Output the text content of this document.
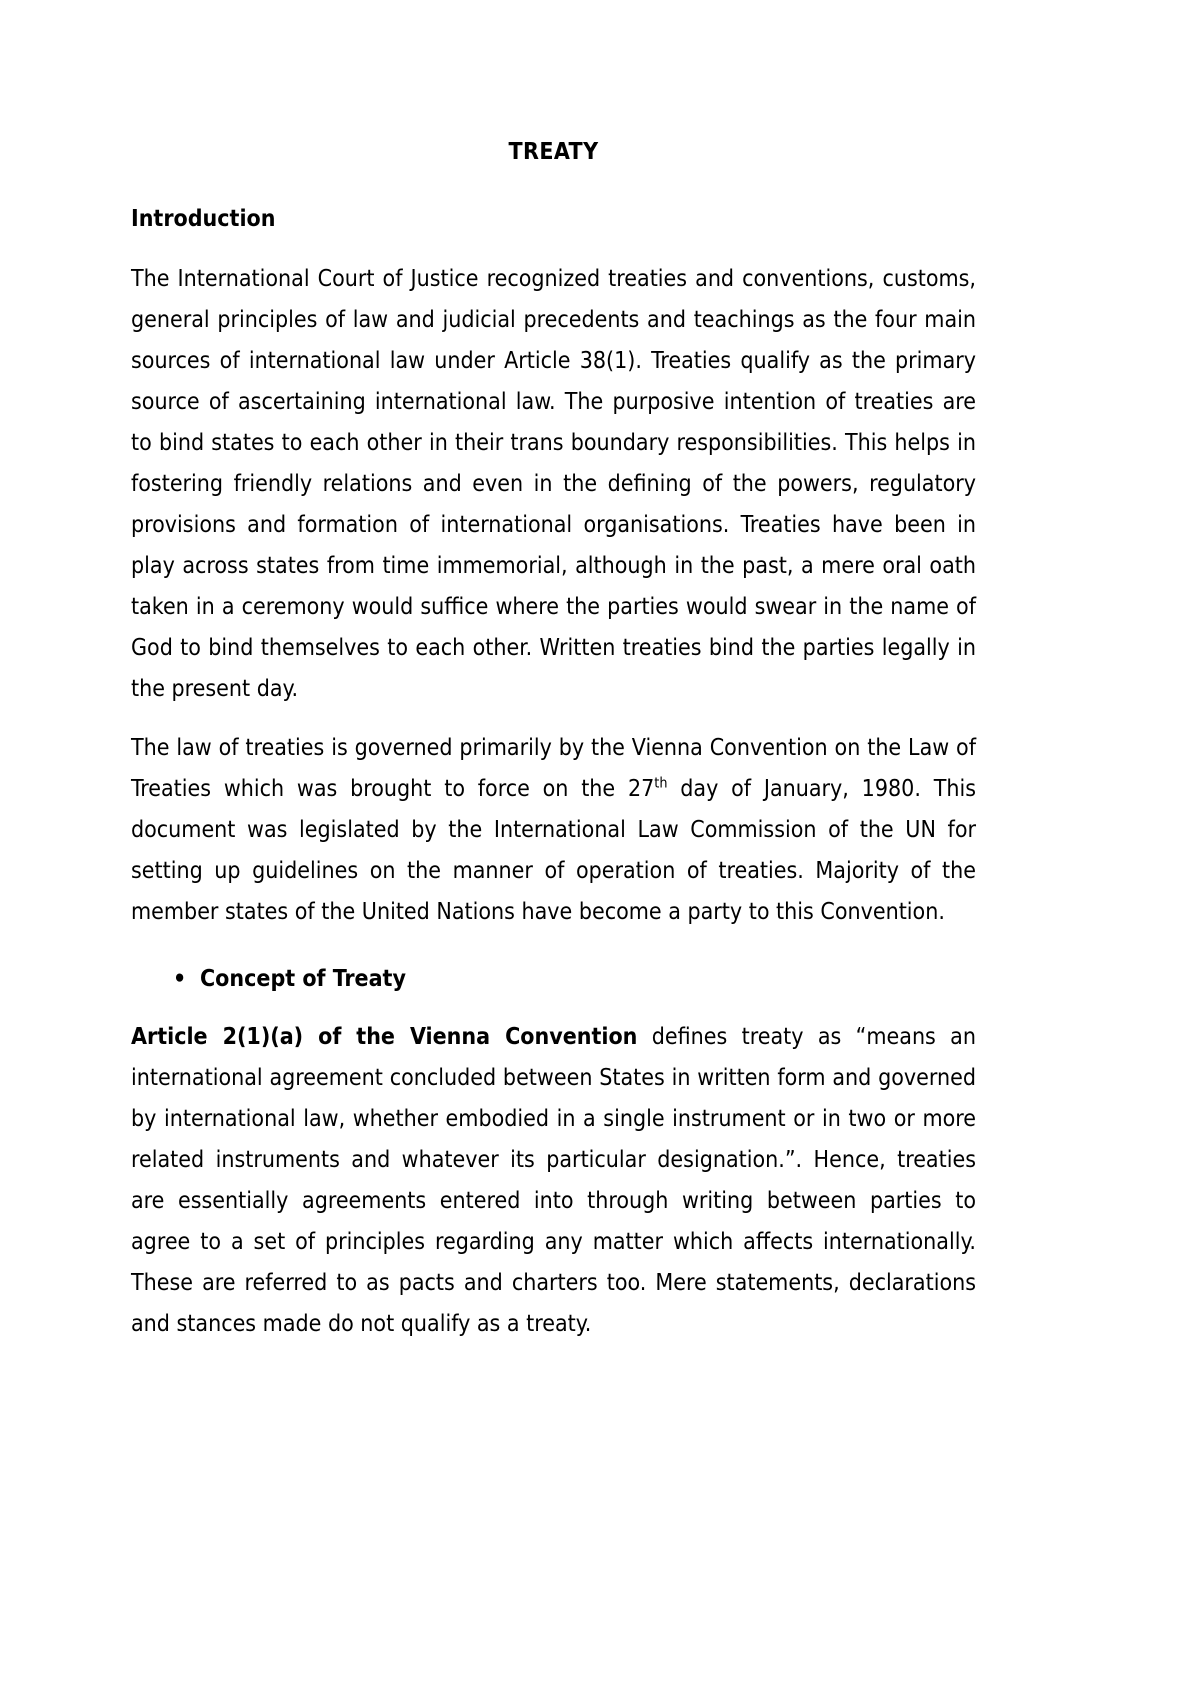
TREATY
Introduction

The International Court of Justice recognized treaties and conventions, customs, general principles of law and judicial precedents and teachings as the four main sources of international law under Article 38(1). Treaties qualify as the primary source of ascertaining international law. The purposive intention of treaties are to bind states to each other in their trans boundary responsibilities. This helps in fostering friendly relations and even in the defining of the powers, regulatory provisions and formation of international organisations. Treaties have been in play across states from time immemorial, although in the past, a mere oral oath taken in a ceremony would suffice where the parties would swear in the name of God to bind themselves to each other. Written treaties bind the parties legally in the present day.

The law of treaties is governed primarily by the Vienna Convention on the Law of Treaties which was brought to force on the 27th day of January, 1980. This document was legislated by the International Law Commission of the UN for setting up guidelines on the manner of operation of treaties. Majority of the member states of the United Nations have become a party to this Convention.

• Concept of Treaty

Article 2(1)(a) of the Vienna Convention defines treaty as “means an international agreement concluded between States in written form and governed by international law, whether embodied in a single instrument or in two or more related instruments and whatever its particular designation.”. Hence, treaties are essentially agreements entered into through writing between parties to agree to a set of principles regarding any matter which affects internationally. These are referred to as pacts and charters too. Mere statements, declarations and stances made do not qualify as a treaty.
